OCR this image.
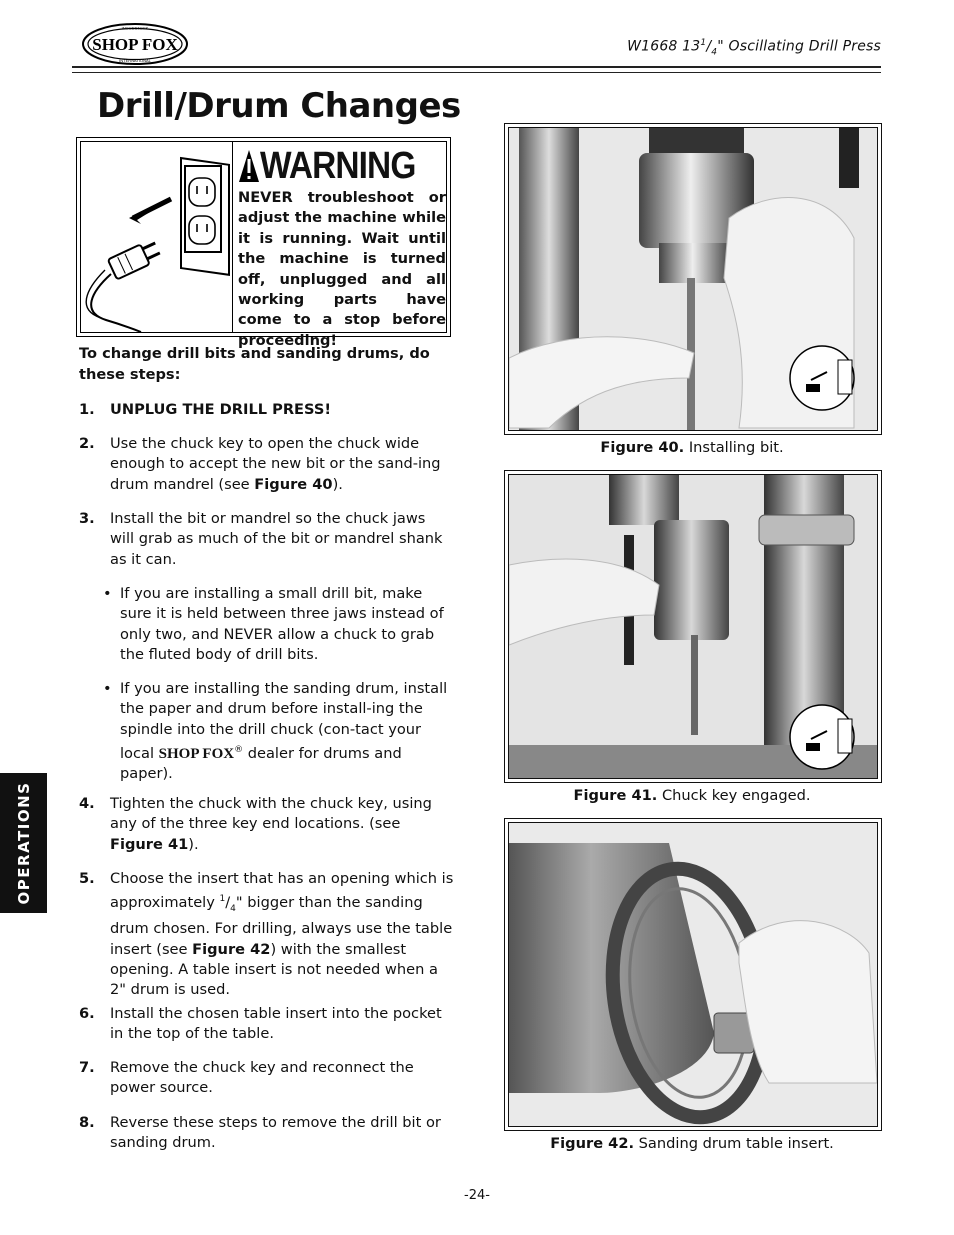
SHOP FOX
WOODSTOCK
INTERNATIONAL
W1668 $13^1/_4$" Oscillating Drill Press
Drill/Drum Changes
WARNING
NEVER troubleshoot or adjust the machine while it is running. Wait until the machine is turned off, unplugged and all working parts have come to a stop before proceeding!
To change drill bits and sanding drums, do these steps:
1. UNPLUG THE DRILL PRESS!
2. Use the chuck key to open the chuck wide enough to accept the new bit or the sand-ing drum mandrel (see Figure 40).
3. Install the bit or mandrel so the chuck jaws will grab as much of the bit or mandrel shank as it can.
• If you are installing a small drill bit, make sure it is held between three jaws instead of only two, and NEVER allow a chuck to grab the fluted body of drill bits.
• If you are installing the sanding drum, install the paper and drum before install-ing the spindle into the drill chuck (con-tact your local SHOP FOX® dealer for drums and paper).
4. Tighten the chuck with the chuck key, using any of the three key end locations. (see Figure 41).
5. Choose the insert that has an opening which is approximately $^1/_4$" bigger than the sanding drum chosen. For drilling, always use the table insert (see Figure 42) with the smallest opening. A table insert is not needed when a 2" drum is used.
6. Install the chosen table insert into the pocket in the top of the table.
7. Remove the chuck key and reconnect the power source.
8. Reverse these steps to remove the drill bit or sanding drum.
Figure 40. Installing bit.
Figure 41. Chuck key engaged.
Figure 42. Sanding drum table insert.
OPERATIONS
-24-
